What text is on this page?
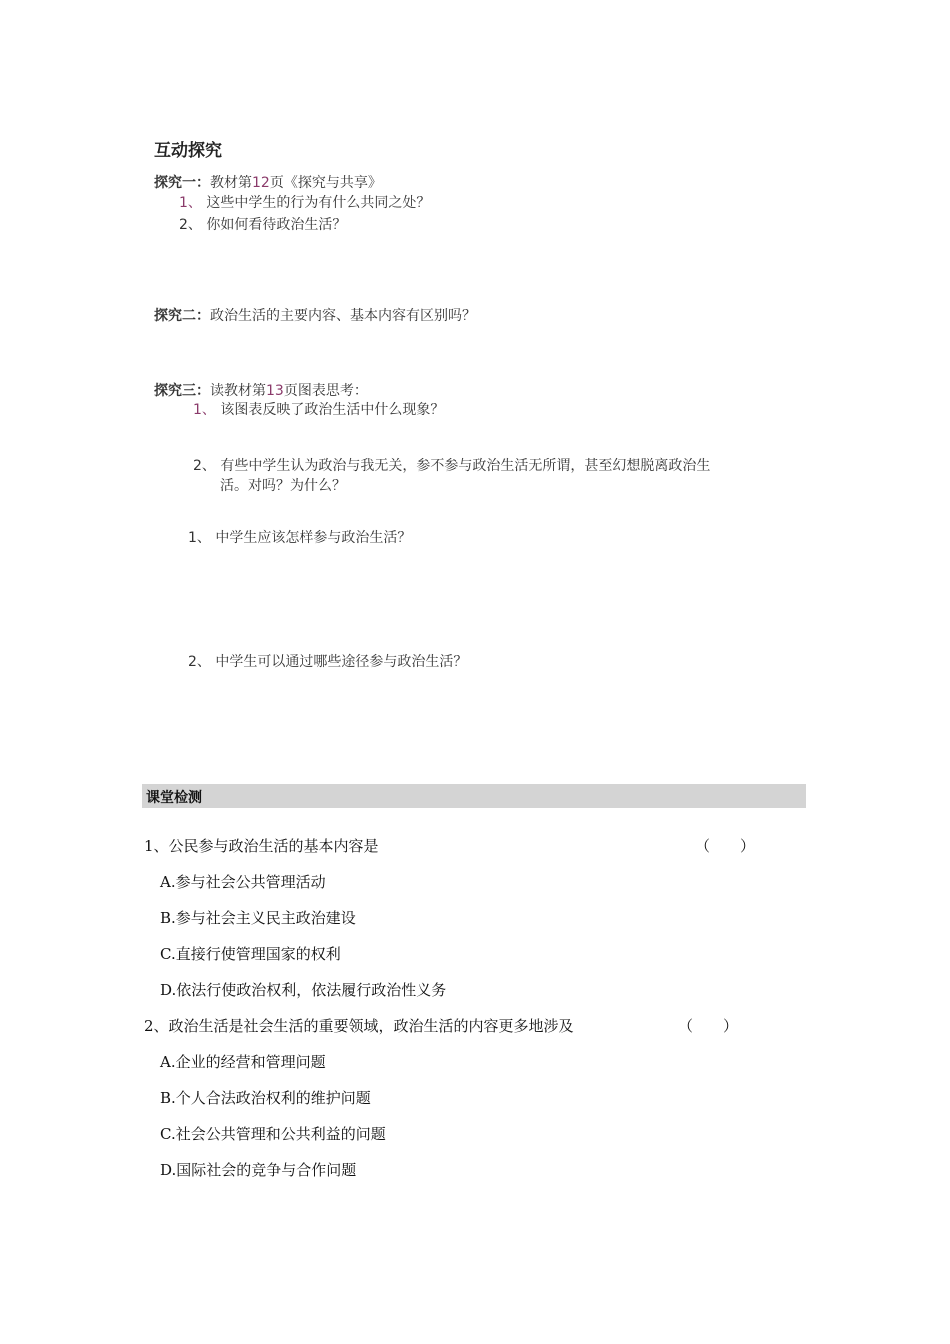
互动探究
探究一：教材第12页《探究与共享》
1、 这些中学生的行为有什么共同之处？
2、 你如何看待政治生活？
探究二：政治生活的主要内容、基本内容有区别吗？
探究三：读教材第13页图表思考：
1、 该图表反映了政治生活中什么现象？
2、 有些中学生认为政治与我无关，参不参与政治生活无所谓，甚至幻想脱离政治生
活。对吗？为什么？
1、 中学生应该怎样参与政治生活？
2、 中学生可以通过哪些途径参与政治生活？
课堂检测
1、公民参与政治生活的基本内容是	（　　）
A.参与社会公共管理活动
B.参与社会主义民主政治建设
C.直接行使管理国家的权利
D.依法行使政治权利，依法履行政治性义务
2、政治生活是社会生活的重要领域，政治生活的内容更多地涉及	（　　）
A.企业的经营和管理问题
B.个人合法政治权利的维护问题
C.社会公共管理和公共利益的问题
D.国际社会的竞争与合作问题
